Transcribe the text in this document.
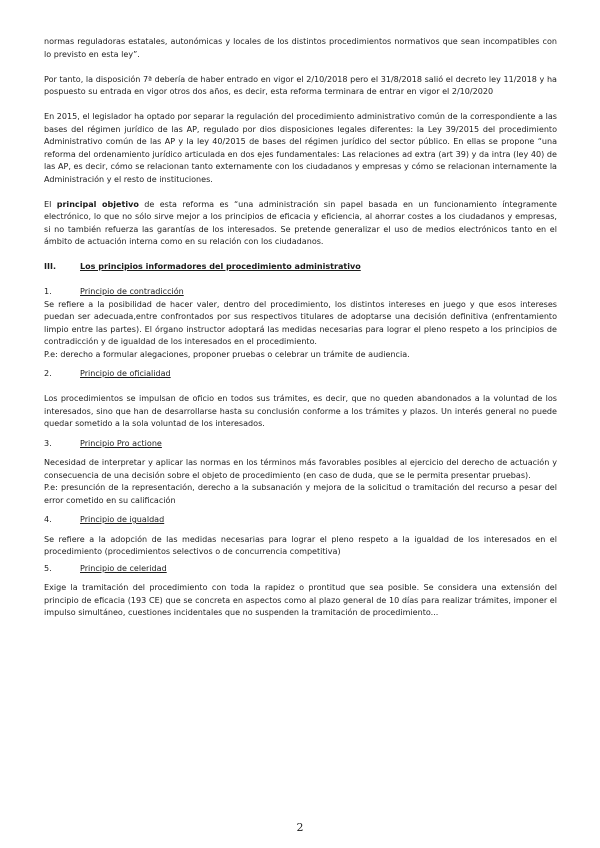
normas reguladoras estatales, autonómicas y locales de los distintos procedimientos normativos que sean incompatibles con lo previsto en esta ley”.

Por tanto, la disposición 7ª debería de haber entrado en vigor el 2/10/2018 pero el 31/8/2018 salió el decreto ley 11/2018 y ha pospuesto su entrada en vigor otros dos años, es decir, esta reforma terminara de entrar en vigor el 2/10/2020

En 2015, el legislador ha optado por separar la regulación del procedimiento administrativo común de la correspondiente a las bases del régimen jurídico de las AP, regulado por dios disposiciones legales diferentes: la Ley 39/2015 del procedimiento Administrativo común de las AP y la ley 40/2015 de bases del régimen jurídico del sector público. En ellas se propone “una reforma del ordenamiento jurídico articulada en dos ejes fundamentales: Las relaciones ad extra (art 39) y da intra (ley 40) de las AP, es decir, cómo se relacionan tanto externamente con los ciudadanos y empresas y cómo se relacionan internamente la Administración y el resto de instituciones.

El principal objetivo de esta reforma es “una administración sin papel basada en un funcionamiento íntegramente electrónico, lo que no sólo sirve mejor a los principios de eficacia y eficiencia, al ahorrar costes a los ciudadanos y empresas, si no también refuerza las garantías de los interesados. Se pretende generalizar el uso de medios electrónicos tanto en el ámbito de actuación interna como en su relación con los ciudadanos.

III.	Los principios informadores del procedimiento administrativo
1.	Principio de contradicción

Se refiere a la posibilidad de hacer valer, dentro del procedimiento, los distintos intereses en juego y que esos intereses puedan ser adecuada,entre confrontados por sus respectivos titulares de adoptarse una decisión definitiva (enfrentamiento limpio entre las partes). El órgano instructor adoptará las medidas necesarias para lograr el pleno respeto a los principios de contradicción y de igualdad de los interesados en el procedimiento.

P.e: derecho a formular alegaciones, proponer pruebas o celebrar un trámite de audiencia.

2.	Principio de oficialidad

Los procedimientos se impulsan de oficio en todos sus trámites, es decir, que no queden abandonados a la voluntad de los interesados, sino que han de desarrollarse hasta su conclusión conforme a los trámites y plazos. Un interés general no puede quedar sometido a la sola voluntad de los interesados.

3.	Principio Pro actione

Necesidad de interpretar y aplicar las normas en los términos más favorables posibles al ejercicio del derecho de actuación y consecuencia de una decisión sobre el objeto de procedimiento (en caso de duda, que se le permita presentar pruebas).

P.e: presunción de la representación, derecho a la subsanación y mejora de la solicitud o tramitación del recurso a pesar del error cometido en su calificación

4.	Principio de igualdad

Se refiere a la adopción de las medidas necesarias para lograr el pleno respeto a la igualdad de los interesados en el procedimiento (procedimientos selectivos o de concurrencia competitiva)

5.	Principio de celeridad

Exige la tramitación del procedimiento con toda la rapidez o prontitud que sea posible. Se considera una extensión del principio de eficacia (193 CE) que se concreta en aspectos como al plazo general de 10 días para realizar trámites, imponer el impulso simultáneo, cuestiones incidentales que no suspenden la tramitación de procedimiento...

2
